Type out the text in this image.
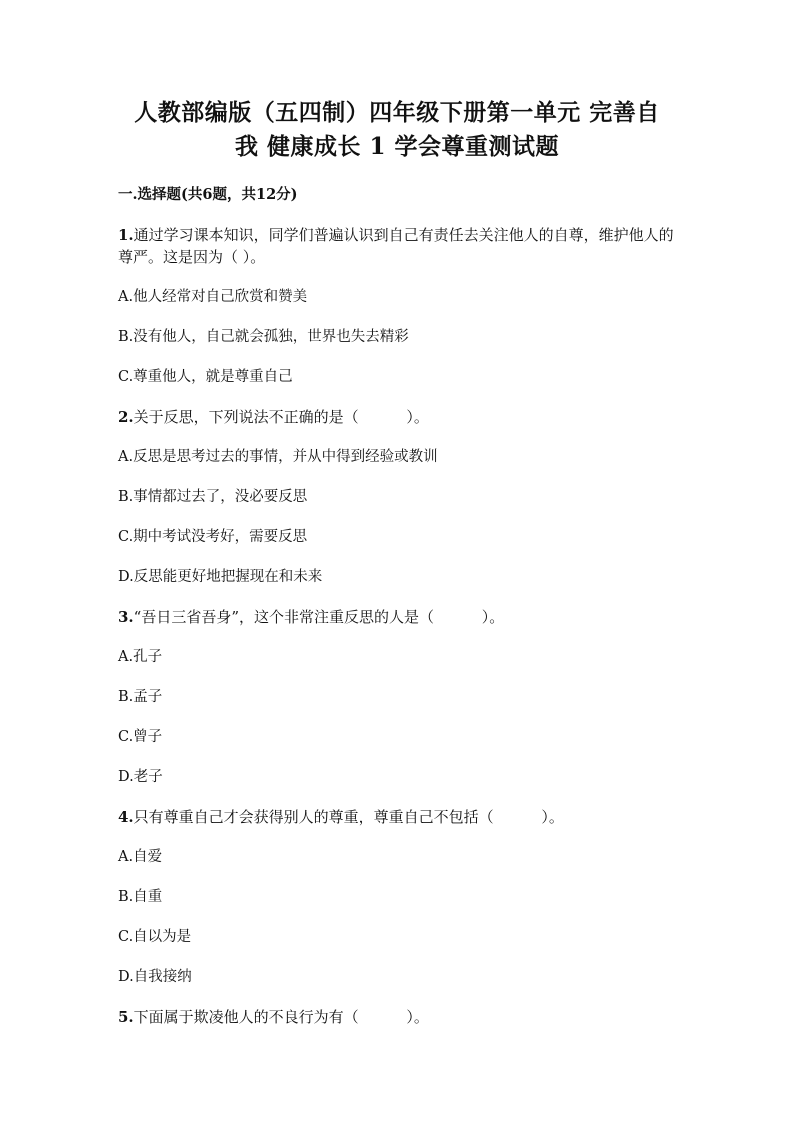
人教部编版（五四制）四年级下册第一单元 完善自
我 健康成长 1 学会尊重测试题
一.选择题(共6题，共12分)

1.通过学习课本知识，同学们普遍认识到自己有责任去关注他人的自尊，维护他人的尊严。这是因为（ ）。

A.他人经常对自己欣赏和赞美

B.没有他人，自己就会孤独，世界也失去精彩

C.尊重他人，就是尊重自己

2.关于反思，下列说法不正确的是（          ）。

A.反思是思考过去的事情，并从中得到经验或教训

B.事情都过去了，没必要反思

C.期中考试没考好，需要反思

D.反思能更好地把握现在和未来

3.“吾日三省吾身”，这个非常注重反思的人是（          ）。

A.孔子

B.孟子

C.曾子

D.老子

4.只有尊重自己才会获得别人的尊重，尊重自己不包括（          ）。

A.自爱

B.自重

C.自以为是

D.自我接纳

5.下面属于欺凌他人的不良行为有（          ）。
